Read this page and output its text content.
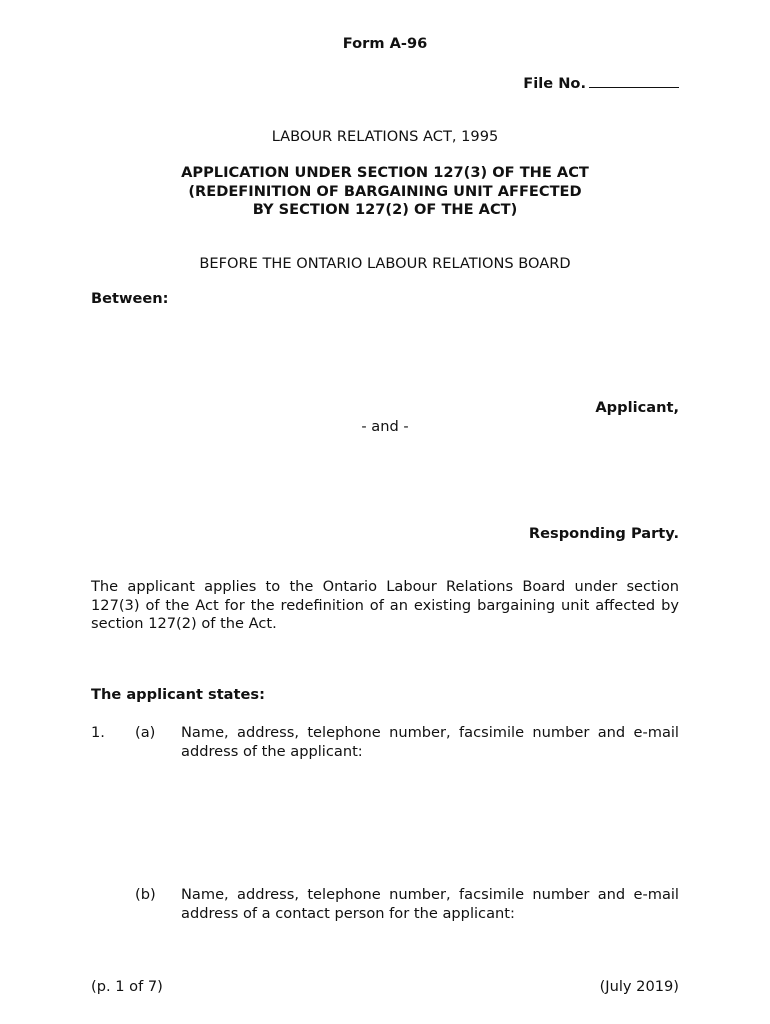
Form A-96
File No.
LABOUR RELATIONS ACT, 1995
APPLICATION UNDER SECTION 127(3) OF THE ACT
(REDEFINITION OF BARGAINING UNIT AFFECTED
BY SECTION 127(2) OF THE ACT)
BEFORE THE ONTARIO LABOUR RELATIONS BOARD
Between:
Applicant,
- and -
Responding Party.
The applicant applies to the Ontario Labour Relations Board under section 127(3) of the Act for the redefinition of an existing bargaining unit affected by section 127(2) of the Act.
The applicant states:
1. (a) Name, address, telephone number, facsimile number and e-mail address of the applicant:
(b) Name, address, telephone number, facsimile number and e-mail address of a contact person for the applicant:
(p. 1 of 7)	(July 2019)
